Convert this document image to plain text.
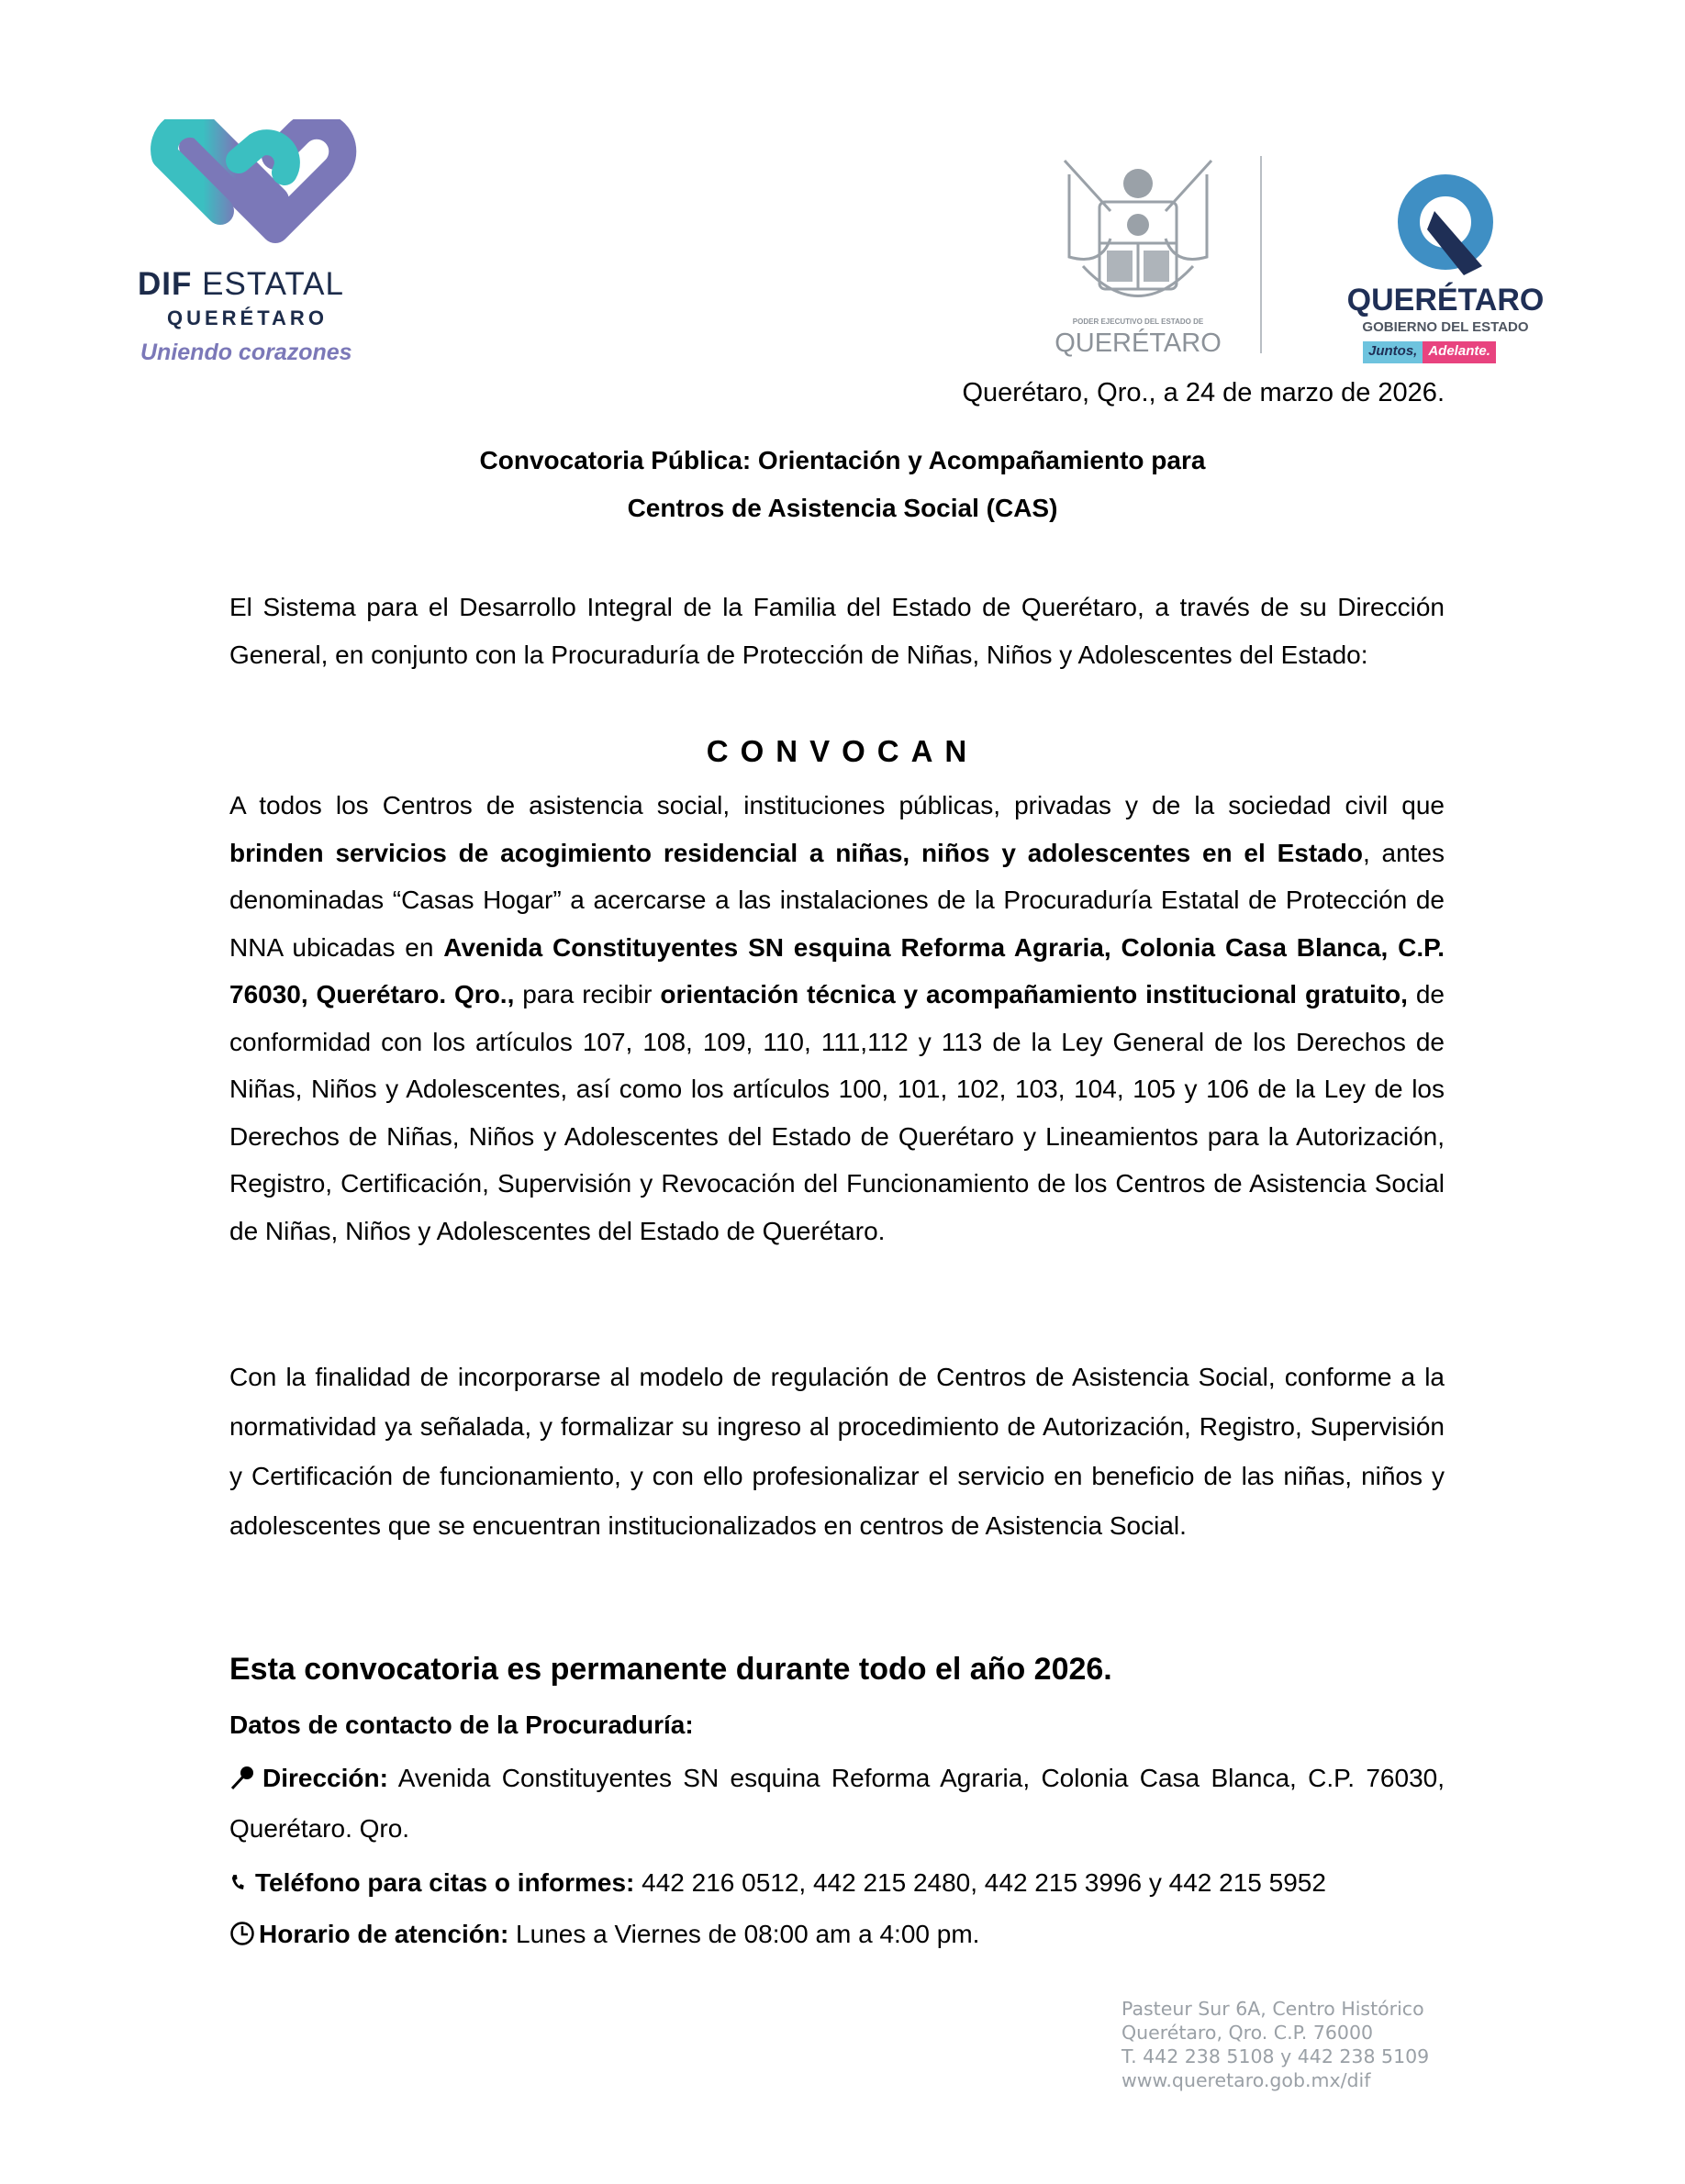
DIF ESTATAL
QUERÉTARO
Uniendo corazones
PODER EJECUTIVO DEL ESTADO DE
QUERÉTARO
QUERÉTARO
GOBIERNO DEL ESTADO
Juntos, Adelante.
Querétaro, Qro., a 24 de marzo de 2026.
Convocatoria Pública: Orientación y Acompañamiento para
Centros de Asistencia Social (CAS)
El Sistema para el Desarrollo Integral de la Familia del Estado de Querétaro, a través de su Dirección General, en conjunto con la Procuraduría de Protección de Niñas, Niños y Adolescentes del Estado:
CONVOCAN
A todos los Centros de asistencia social, instituciones públicas, privadas y de la sociedad civil que brinden servicios de acogimiento residencial a niñas, niños y adolescentes en el Estado, antes denominadas “Casas Hogar” a acercarse a las instalaciones de la Procuraduría Estatal de Protección de NNA ubicadas en Avenida Constituyentes SN esquina Reforma Agraria, Colonia Casa Blanca, C.P. 76030, Querétaro. Qro., para recibir orientación técnica y acompañamiento institucional gratuito, de conformidad con los artículos 107, 108, 109, 110, 111,112 y 113 de la Ley General de los Derechos de Niñas, Niños y Adolescentes, así como los artículos 100, 101, 102, 103, 104, 105 y 106 de la Ley de los Derechos de Niñas, Niños y Adolescentes del Estado de Querétaro y Lineamientos para la Autorización, Registro, Certificación, Supervisión y Revocación del Funcionamiento de los Centros de Asistencia Social de Niñas, Niños y Adolescentes del Estado de Querétaro.
Con la finalidad de incorporarse al modelo de regulación de Centros de Asistencia Social, conforme a la normatividad ya señalada, y formalizar su ingreso al procedimiento de Autorización, Registro, Supervisión y Certificación de funcionamiento, y con ello profesionalizar el servicio en beneficio de las niñas, niños y adolescentes que se encuentran institucionalizados en centros de Asistencia Social.
Esta convocatoria es permanente durante todo el año 2026.
Datos de contacto de la Procuraduría:
Dirección: Avenida Constituyentes SN esquina Reforma Agraria, Colonia Casa Blanca, C.P. 76030, Querétaro. Qro.
Teléfono para citas o informes: 442 216 0512, 442 215 2480, 442 215 3996 y 442 215 5952
Horario de atención: Lunes a Viernes de 08:00 am a 4:00 pm.
Pasteur Sur 6A, Centro Histórico
Querétaro, Qro. C.P. 76000
T. 442 238 5108 y 442 238 5109
www.queretaro.gob.mx/dif
